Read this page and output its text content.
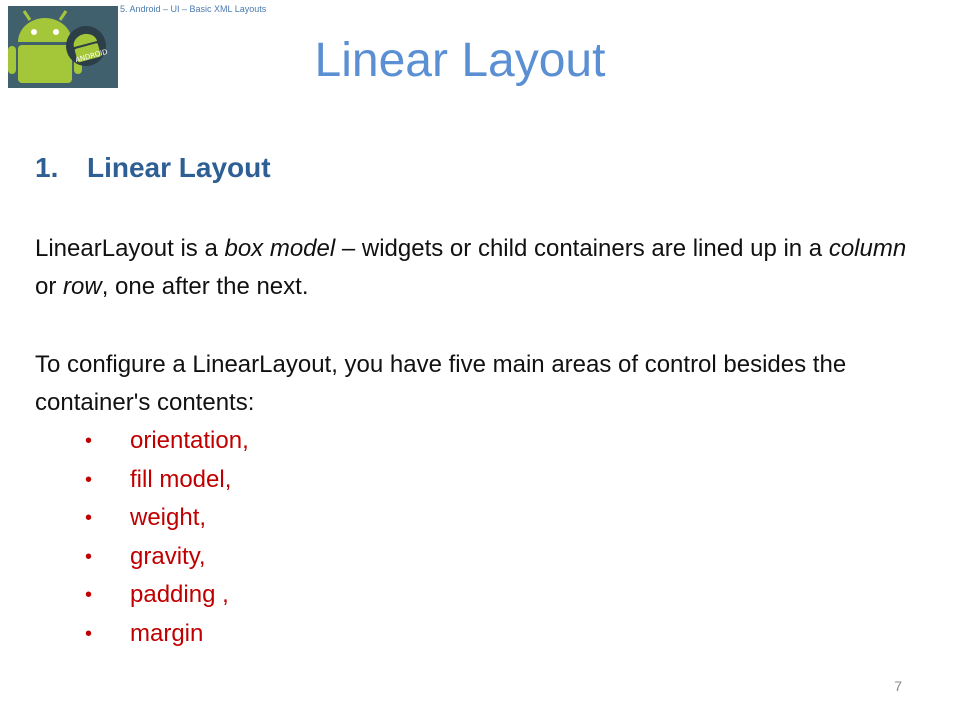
ANDROID
5. Android – UI – Basic XML Layouts
Linear Layout
1. Linear Layout
LinearLayout is a box model – widgets or child containers are lined up in a column or row, one after the next.
To configure a LinearLayout, you have five main areas of control besides the container's contents:
• orientation,
• fill model,
• weight,
• gravity,
• padding ,
• margin
7
